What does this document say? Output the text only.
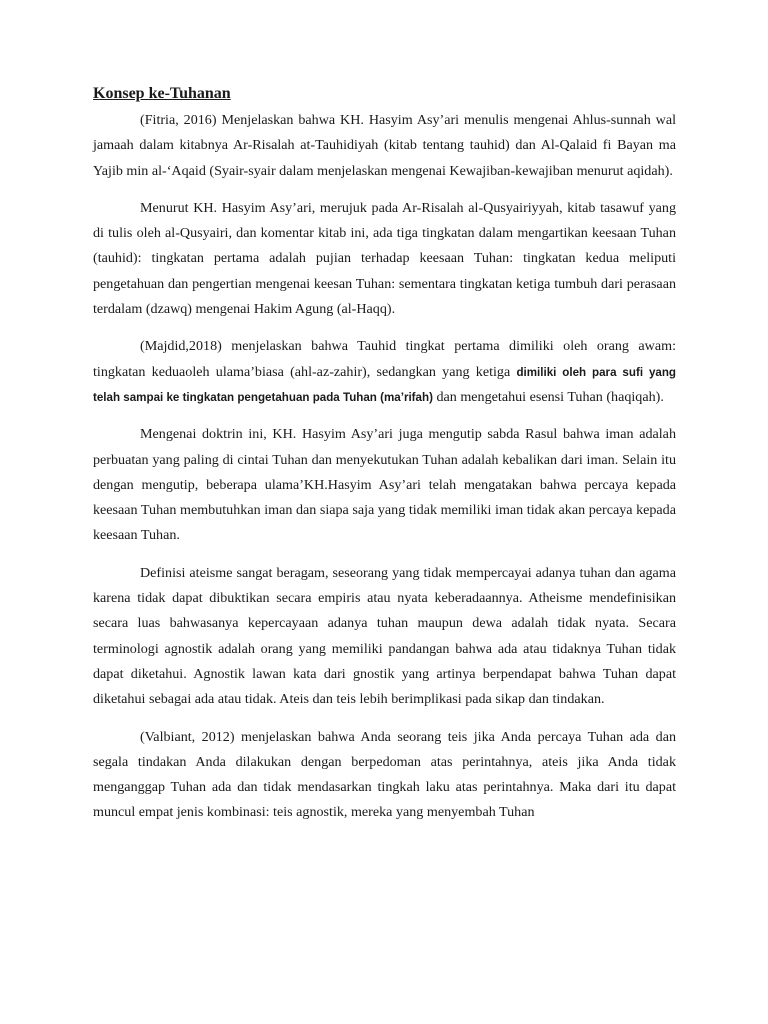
Konsep ke-Tuhanan

(Fitria, 2016) Menjelaskan bahwa KH. Hasyim Asy’ari menulis mengenai Ahlus-sunnah wal jamaah dalam kitabnya Ar-Risalah at-Tauhidiyah (kitab tentang tauhid) dan Al-Qalaid fi Bayan ma Yajib min al-‘Aqaid (Syair-syair dalam menjelaskan mengenai Kewajiban-kewajiban menurut aqidah).

Menurut KH. Hasyim Asy’ari, merujuk pada Ar-Risalah al-Qusyairiyyah, kitab tasawuf yang di tulis oleh al-Qusyairi, dan komentar kitab ini, ada tiga tingkatan dalam mengartikan keesaan Tuhan (tauhid): tingkatan pertama adalah pujian terhadap keesaan Tuhan: tingkatan kedua meliputi pengetahuan dan pengertian mengenai keesan Tuhan: sementara tingkatan ketiga tumbuh dari perasaan terdalam (dzawq) mengenai Hakim Agung (al-Haqq).

(Majdid,2018) menjelaskan bahwa Tauhid tingkat pertama dimiliki oleh orang awam: tingkatan keduaoleh ulama’biasa (ahl-az-zahir), sedangkan yang ketiga dimiliki oleh para sufi yang telah sampai ke tingkatan pengetahuan pada Tuhan (ma’rifah) dan mengetahui esensi Tuhan (haqiqah).

Mengenai doktrin ini, KH. Hasyim Asy’ari juga mengutip sabda Rasul bahwa iman adalah perbuatan yang paling di cintai Tuhan dan menyekutukan Tuhan adalah kebalikan dari iman. Selain itu dengan mengutip, beberapa ulama’KH.Hasyim Asy’ari telah mengatakan bahwa percaya kepada keesaan Tuhan membutuhkan iman dan siapa saja yang tidak memiliki iman tidak akan percaya kepada keesaan Tuhan.

Definisi ateisme sangat beragam, seseorang yang tidak mempercayai adanya tuhan dan agama karena tidak dapat dibuktikan secara empiris atau nyata keberadaannya. Atheisme mendefinisikan secara luas bahwasanya kepercayaan adanya tuhan maupun dewa adalah tidak nyata. Secara terminologi agnostik adalah orang yang memiliki pandangan bahwa ada atau tidaknya Tuhan tidak dapat diketahui. Agnostik lawan kata dari gnostik yang artinya berpendapat bahwa Tuhan dapat diketahui sebagai ada atau tidak. Ateis dan teis lebih berimplikasi pada sikap dan tindakan.

(Valbiant, 2012) menjelaskan bahwa Anda seorang teis jika Anda percaya Tuhan ada dan segala tindakan Anda dilakukan dengan berpedoman atas perintahnya, ateis jika Anda tidak menganggap Tuhan ada dan tidak mendasarkan tingkah laku atas perintahnya. Maka dari itu dapat muncul empat jenis kombinasi: teis agnostik, mereka yang menyembah Tuhan
